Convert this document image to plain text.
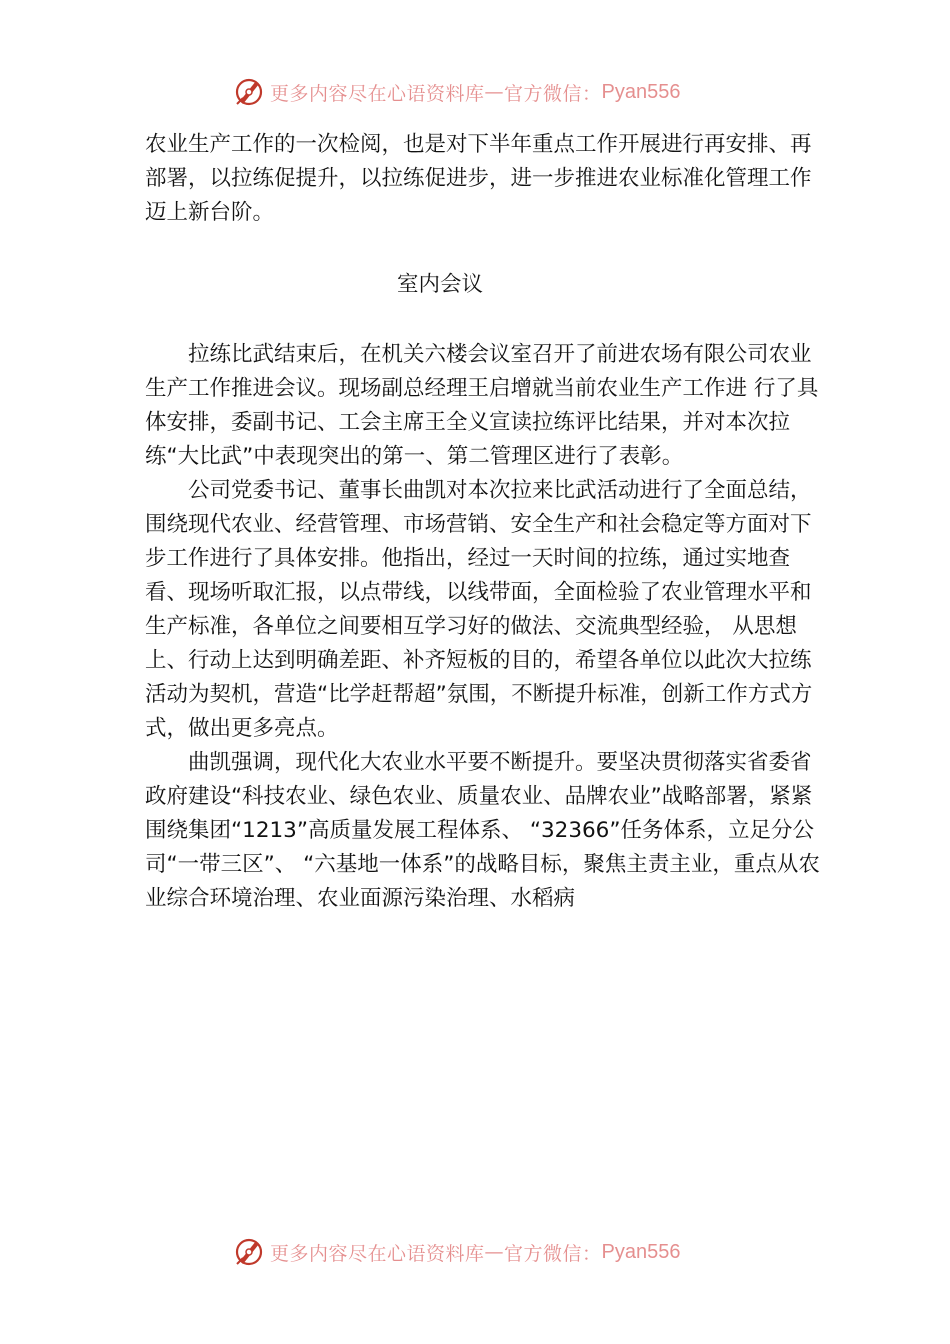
更多内容尽在心语资料库 — 官方微信： Pyan556

农业生产工作的一次检阅，也是对下半年重点工作开展进行再安排、再部署，以拉练促提升，以拉练促进步，进一步推进农业标准化管理工作迈上新台阶。

室内会议

拉练比武结束后，在机关六楼会议室召开了前进农场有限公司农业生产工作推进会议。现场副总经理王启增就当前农业生产工作进 行了具体安排，委副书记、工会主席王全义宣读拉练评比结果，并对本次拉练“大比武”中表现突出的第一、第二管理区进行了表彰。

公司党委书记、董事长曲凯对本次拉来比武活动进行了全面总结，围绕现代农业、经营管理、市场营销、安全生产和社会稳定等方面对下步工作进行了具体安排。他指出，经过一天时间的拉练，通过实地查看、现场听取汇报，以点带线，以线带面，全面检验了农业管理水平和生产标准，各单位之间要相互学习好的做法、交流典型经验， 从思想上、行动上达到明确差距、补齐短板的目的，希望各单位以此次大拉练活动为契机，营造“比学赶帮超”氛围，不断提升标准，创新工作方式方式，做出更多亮点。

曲凯强调，现代化大农业水平要不断提升。要坚决贯彻落实省委省政府建设“科技农业、绿色农业、质量农业、品牌农业”战略部署，紧紧围绕集团“1213”高质量发展工程体系、 “32366”任务体系，立足分公司“一带三区”、 “六基地一体系”的战略目标，聚焦主责主业，重点从农业综合环境治理、农业面源污染治理、水稻病

更多内容尽在心语资料库 — 官方微信： Pyan556
